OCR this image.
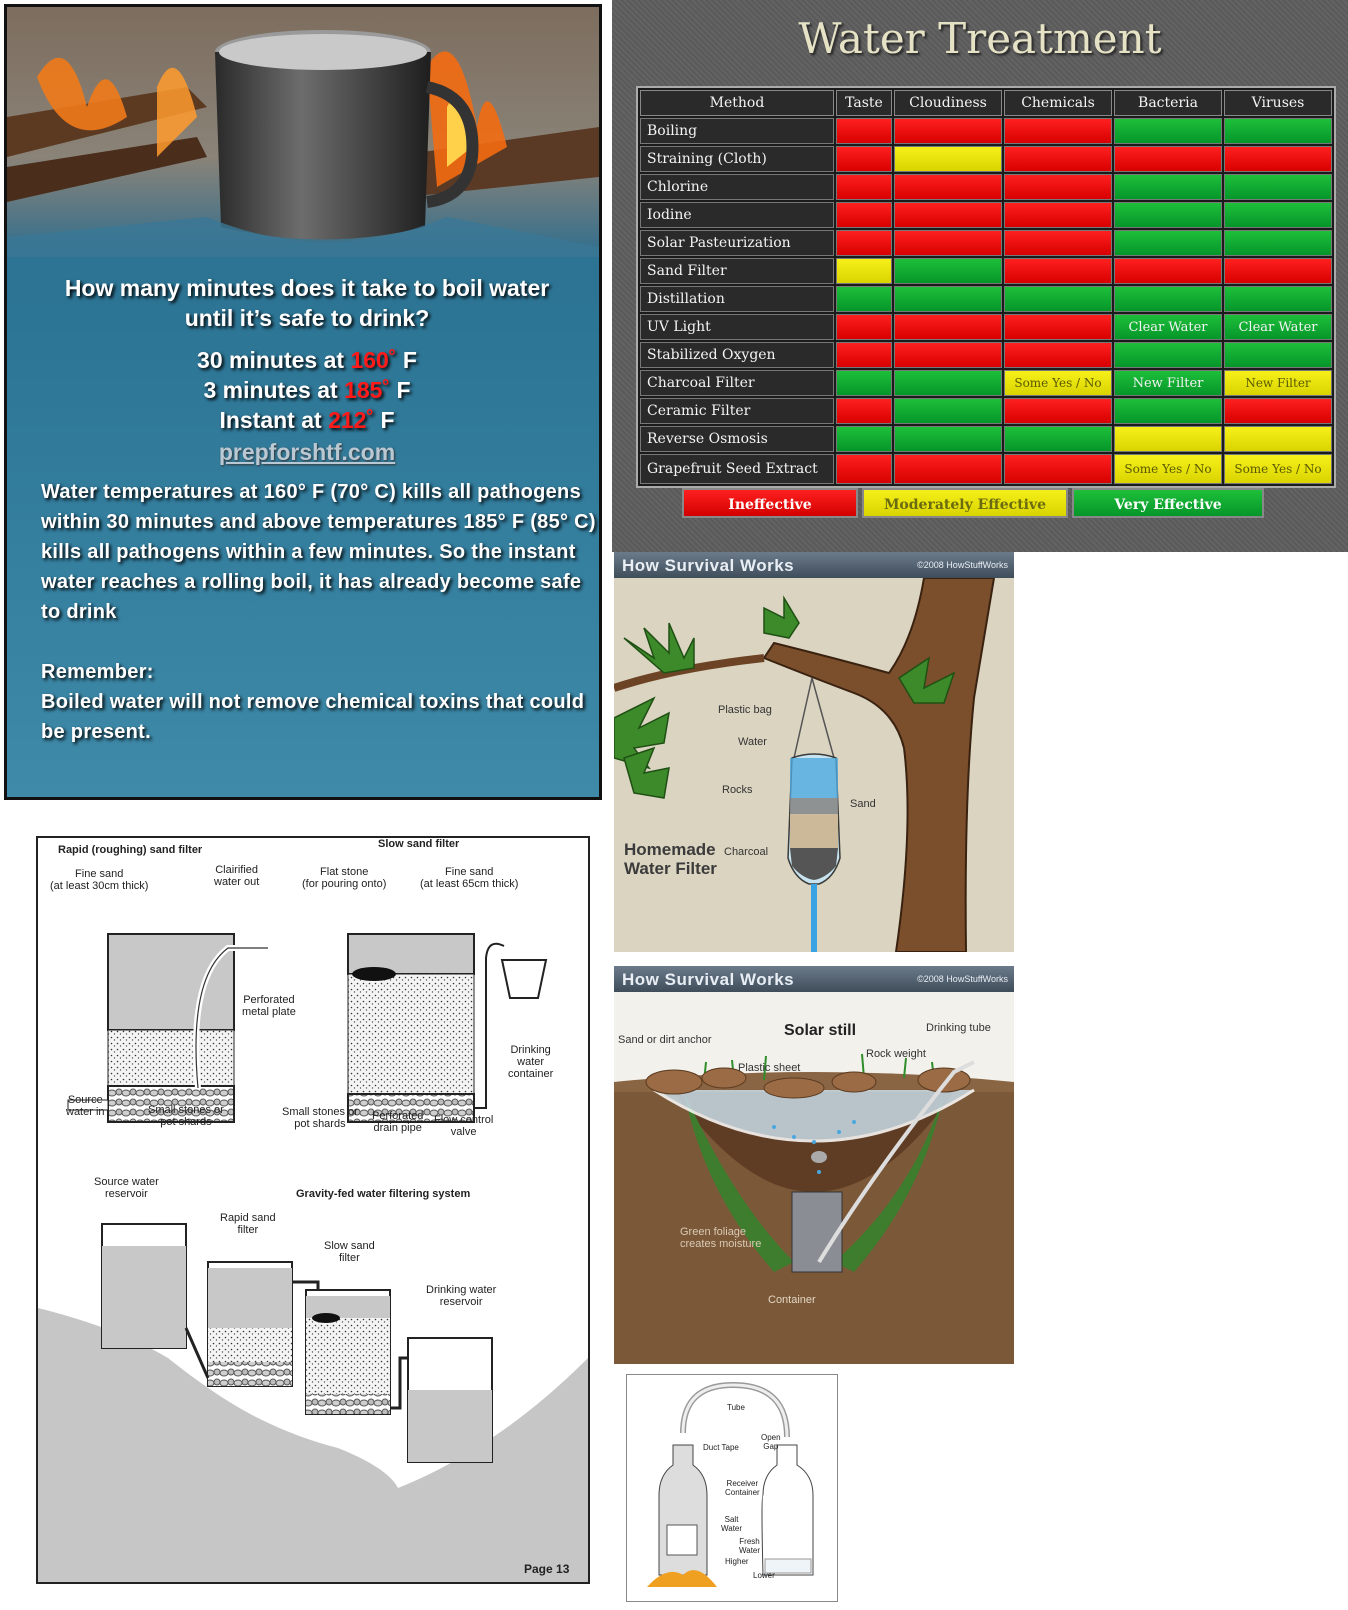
How many minutes does it take to boil water until it’s safe to drink?
30 minutes at 160˚ F
3 minutes at 185˚ F
Instant at 212˚ F
prepforshtf.com
Water temperatures at 160° F (70° C) kills all pathogens within 30 minutes and above temperatures 185° F (85° C) kills all pathogens within a few minutes. So the instant water reaches a rolling boil, it has already become safe to drink
Remember:
Boiled water will not remove chemical toxins that could be present.
Water Treatment
Method	Taste	Cloudiness	Chemicals	Bacteria	Viruses
Boiling					
Straining (Cloth)					
Chlorine					
Iodine					
Solar Pasteurization					
Sand Filter					
Distillation					
UV Light				Clear Water	Clear Water
Stabilized Oxygen					
Charcoal Filter			Some Yes / No	New Filter	New Filter
Ceramic Filter					
Reverse Osmosis					
Grapefruit Seed Extract				Some Yes / No	Some Yes / No
Ineffective	Moderately Effective	Very Effective
How Survival Works	©2008 HowStuffWorks
Plastic bag
Water
Rocks
Sand
Charcoal
Homemade Water Filter
How Survival Works	©2008 HowStuffWorks
Sand or dirt anchor
Solar still	Drinking tube
Rock weight
Plastic sheet
Green foliage creates moisture
Container
Rapid (roughing) sand filter	Slow sand filter
Fine sand
(at least 30cm thick)
Clairified
water out
Perforated
metal plate
Source
water in	Small stones or
pot shards
Flat stone
(for pouring onto)
Fine sand
(at least 65cm thick)
Drinking
water
container
Small stones or
pot shards
Perforated
drain pipe
Flow control
valve
Source water
reservoir	Gravity-fed water filtering system
Rapid sand
filter
Slow sand
filter
Drinking water
reservoir
Page 13
Tube
Duct Tape
Open
Gap
Receiver
Container
Salt
Water
Fresh
Water
Higher
Lower
